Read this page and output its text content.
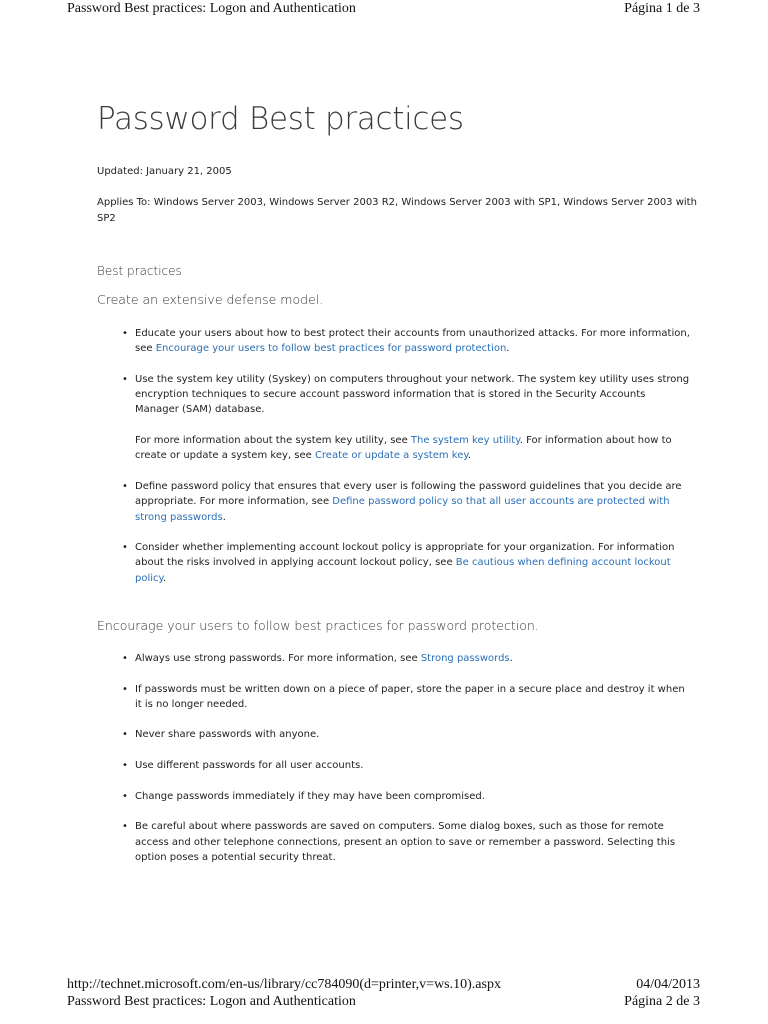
Password Best practices: Logon and Authentication	Página 1 de 3
Password Best practices
Updated: January 21, 2005
Applies To: Windows Server 2003, Windows Server 2003 R2, Windows Server 2003 with SP1, Windows Server 2003 with SP2
Best practices
Create an extensive defense model.
• Educate your users about how to best protect their accounts from unauthorized attacks. For more information, see Encourage your users to follow best practices for password protection.
• Use the system key utility (Syskey) on computers throughout your network. The system key utility uses strong encryption techniques to secure account password information that is stored in the Security Accounts Manager (SAM) database.
For more information about the system key utility, see The system key utility. For information about how to create or update a system key, see Create or update a system key.
• Define password policy that ensures that every user is following the password guidelines that you decide are appropriate. For more information, see Define password policy so that all user accounts are protected with strong passwords.
• Consider whether implementing account lockout policy is appropriate for your organization. For information about the risks involved in applying account lockout policy, see Be cautious when defining account lockout policy.
Encourage your users to follow best practices for password protection.
• Always use strong passwords. For more information, see Strong passwords.
• If passwords must be written down on a piece of paper, store the paper in a secure place and destroy it when it is no longer needed.
• Never share passwords with anyone.
• Use different passwords for all user accounts.
• Change passwords immediately if they may have been compromised.
• Be careful about where passwords are saved on computers. Some dialog boxes, such as those for remote access and other telephone connections, present an option to save or remember a password. Selecting this option poses a potential security threat.
http://technet.microsoft.com/en-us/library/cc784090(d=printer,v=ws.10).aspx	04/04/2013
Password Best practices: Logon and Authentication	Página 2 de 3
